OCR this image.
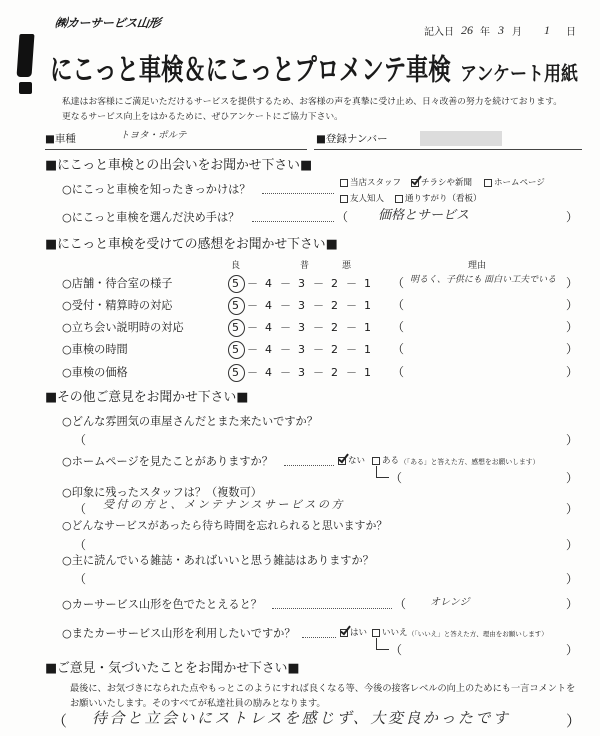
㈱カーサービス山形
記入日 26 年 3 月 1 日
にこっと車検＆にこっとプロメンテ車検 アンケート用紙
私達はお客様にご満足いただけるサービスを提供するため、お客様の声を真摯に受け止め、日々改善の努力を続けております。
更なるサービス向上をはかるために、ぜひアンケートにご協力下さい。
■車種	トヨタ・ポルテ	■登録ナンバー
■にこっと車検との出会いをお聞かせ下さい■
○にこっと車検を知ったきっかけは？	当店スタッフ チラシや新聞	ホームページ
友人知人 通りすがり（看板）
○にこっと車検を選んだ決め手は？	（ 価格とサービス	）
■にこっと車検を受けての感想をお聞かせ下さい■
良	普	悪	理由
○店舗・待合室の様子	5 － 4 － 3 － 2 － 1 （ 明るく、子供にも 面白い工夫でいる ）
○受付・精算時の対応	5 － 4 － 3 － 2 － 1 （	）
○立ち会い説明時の対応	5 － 4 － 3 － 2 － 1 （	）
○車検の時間	5 － 4 － 3 － 2 － 1 （	）
○車検の価格	5 － 4 － 3 － 2 － 1 （	）
■その他ご意見をお聞かせ下さい■
○どんな雰囲気の車屋さんだとまた来たいですか？
（	）
○ホームページを見たことがありますか？	ない ある （「ある」と答えた方、感想をお願いします）
（	）
○印象に残ったスタッフは？（複数可）
（ 受付の方と、メンテナンスサービスの方	）
○どんなサービスがあったら待ち時間を忘れられると思いますか？
（	）
○主に読んでいる雑誌・あればいいと思う雑誌はありますか？
（	）
○カーサービス山形を色でたとえると？	（ オレンジ	）
○またカーサービス山形を利用したいですか？	はい いいえ （「いいえ」と答えた方、理由をお願いします）
（	）
■ご意見・気づいたことをお聞かせ下さい■
最後に、お気づきになられた点やもっとこのようにすれば良くなる等、今後の接客レベルの向上のためにも一言コメントを
お願いいたします。そのすべてが私達社員の励みとなります。
（ 待合と立会いにストレスを感じず、大変良かったです	）
